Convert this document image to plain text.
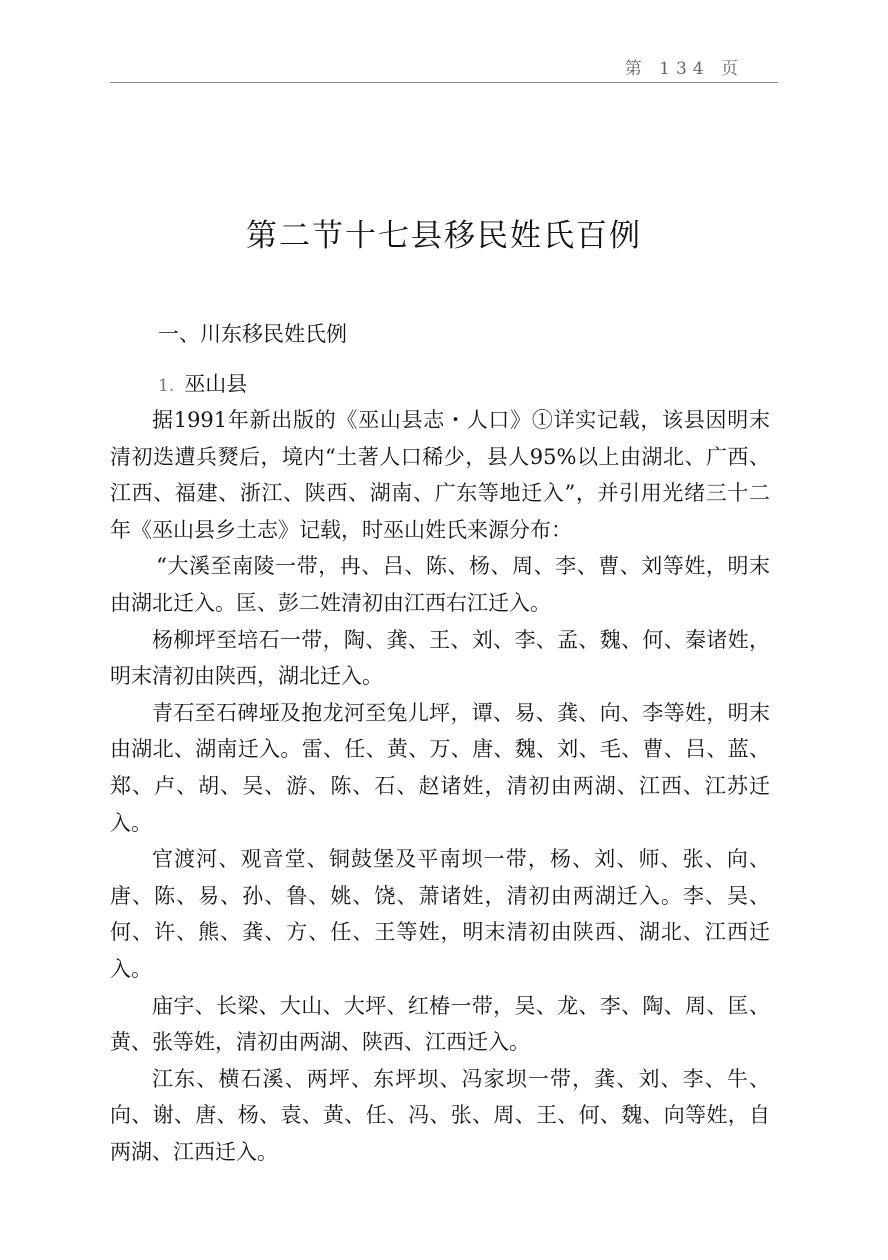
第 134 页
第二节十七县移民姓氏百例
一、川东移民姓氏例
1. 巫山县

据1991年新出版的《巫山县志・人口》①详实记载，该县因明末清初迭遭兵燹后，境内“土著人口稀少，县人95%以上由湖北、广西、江西、福建、浙江、陕西、湖南、广东等地迁入”，并引用光绪三十二年《巫山县乡土志》记载，时巫山姓氏来源分布：

“大溪至南陵一带，冉、吕、陈、杨、周、李、曹、刘等姓，明末由湖北迁入。匡、彭二姓清初由江西右江迁入。

杨柳坪至培石一带，陶、龚、王、刘、李、孟、魏、何、秦诸姓，明末清初由陕西，湖北迁入。

青石至石碑垭及抱龙河至兔儿坪，谭、易、龚、向、李等姓，明末由湖北、湖南迁入。雷、任、黄、万、唐、魏、刘、毛、曹、吕、蓝、郑、卢、胡、吴、游、陈、石、赵诸姓，清初由两湖、江西、江苏迁入。

官渡河、观音堂、铜鼓堡及平南坝一带，杨、刘、师、张、向、唐、陈、易、孙、鲁、姚、饶、萧诸姓，清初由两湖迁入。李、吴、何、许、熊、龚、方、任、王等姓，明末清初由陕西、湖北、江西迁入。

庙宇、长梁、大山、大坪、红椿一带，吴、龙、李、陶、周、匡、黄、张等姓，清初由两湖、陕西、江西迁入。

江东、横石溪、两坪、东坪坝、冯家坝一带，龚、刘、李、牛、向、谢、唐、杨、袁、黄、任、冯、张、周、王、何、魏、向等姓，自两湖、江西迁入。
